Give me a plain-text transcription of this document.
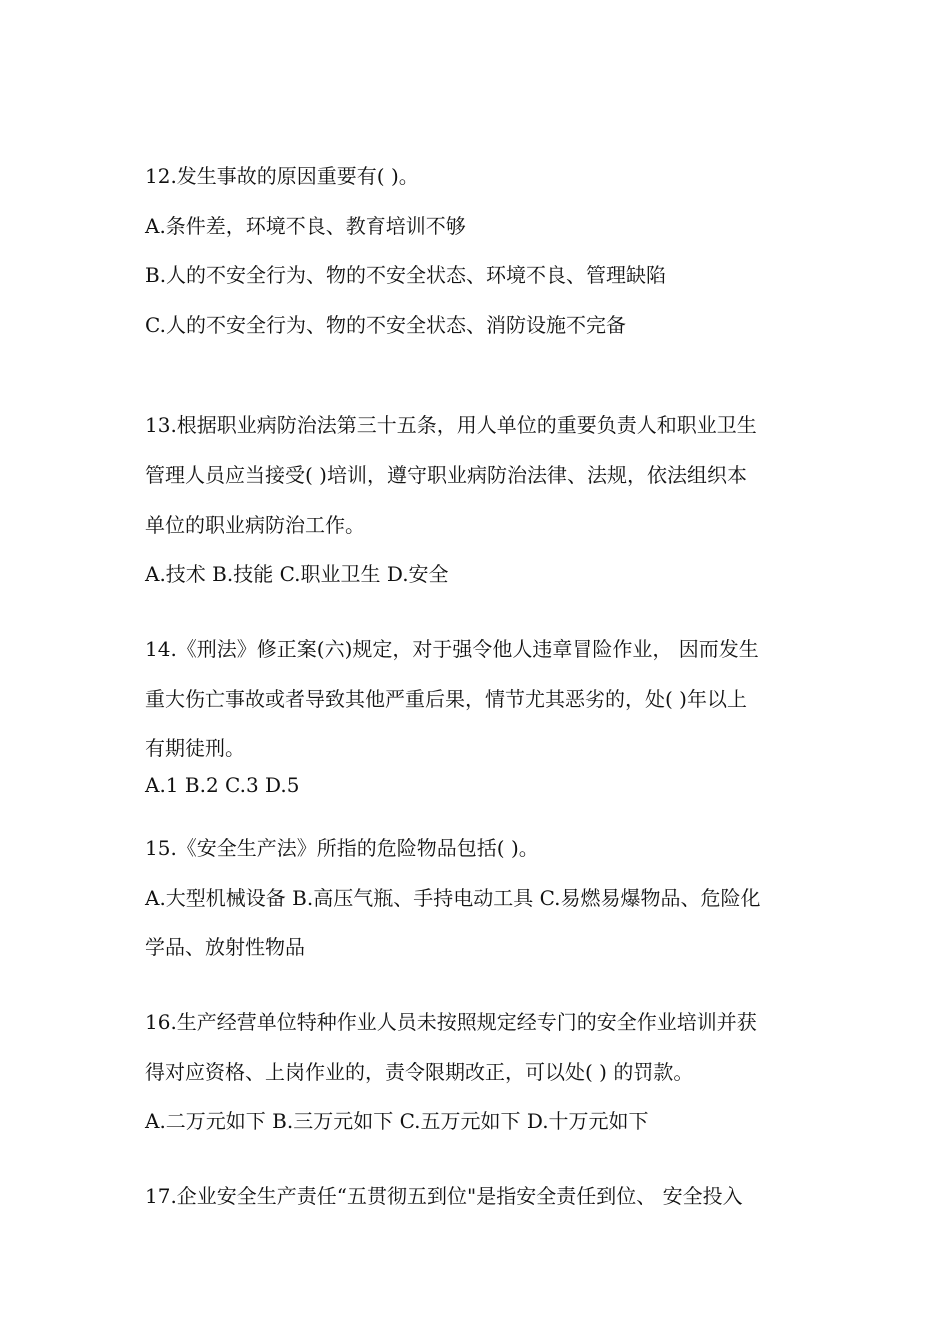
12.发生事故的原因重要有( )。
A.条件差，环境不良、教育培训不够
B.人的不安全行为、物的不安全状态、环境不良、管理缺陷
C.人的不安全行为、物的不安全状态、消防设施不完备
13.根据职业病防治法第三十五条，用人单位的重要负责人和职业卫生
管理人员应当接受( )培训，遵守职业病防治法律、法规，依法组织本
单位的职业病防治工作。
A.技术 B.技能 C.职业卫生 D.安全
14.《刑法》修正案(六)规定，对于强令他人违章冒险作业， 因而发生
重大伤亡事故或者导致其他严重后果，情节尤其恶劣的，处( )年以上
有期徒刑。
A.1 B.2 C.3 D.5
15.《安全生产法》所指的危险物品包括( )。
A.大型机械设备 B.高压气瓶、手持电动工具 C.易燃易爆物品、危险化
学品、放射性物品
16.生产经营单位特种作业人员未按照规定经专门的安全作业培训并获
得对应资格、上岗作业的，责令限期改正，可以处( ) 的罚款。
A.二万元如下 B.三万元如下 C.五万元如下 D.十万元如下
17.企业安全生产责任“五贯彻五到位"是指安全责任到位、 安全投入
